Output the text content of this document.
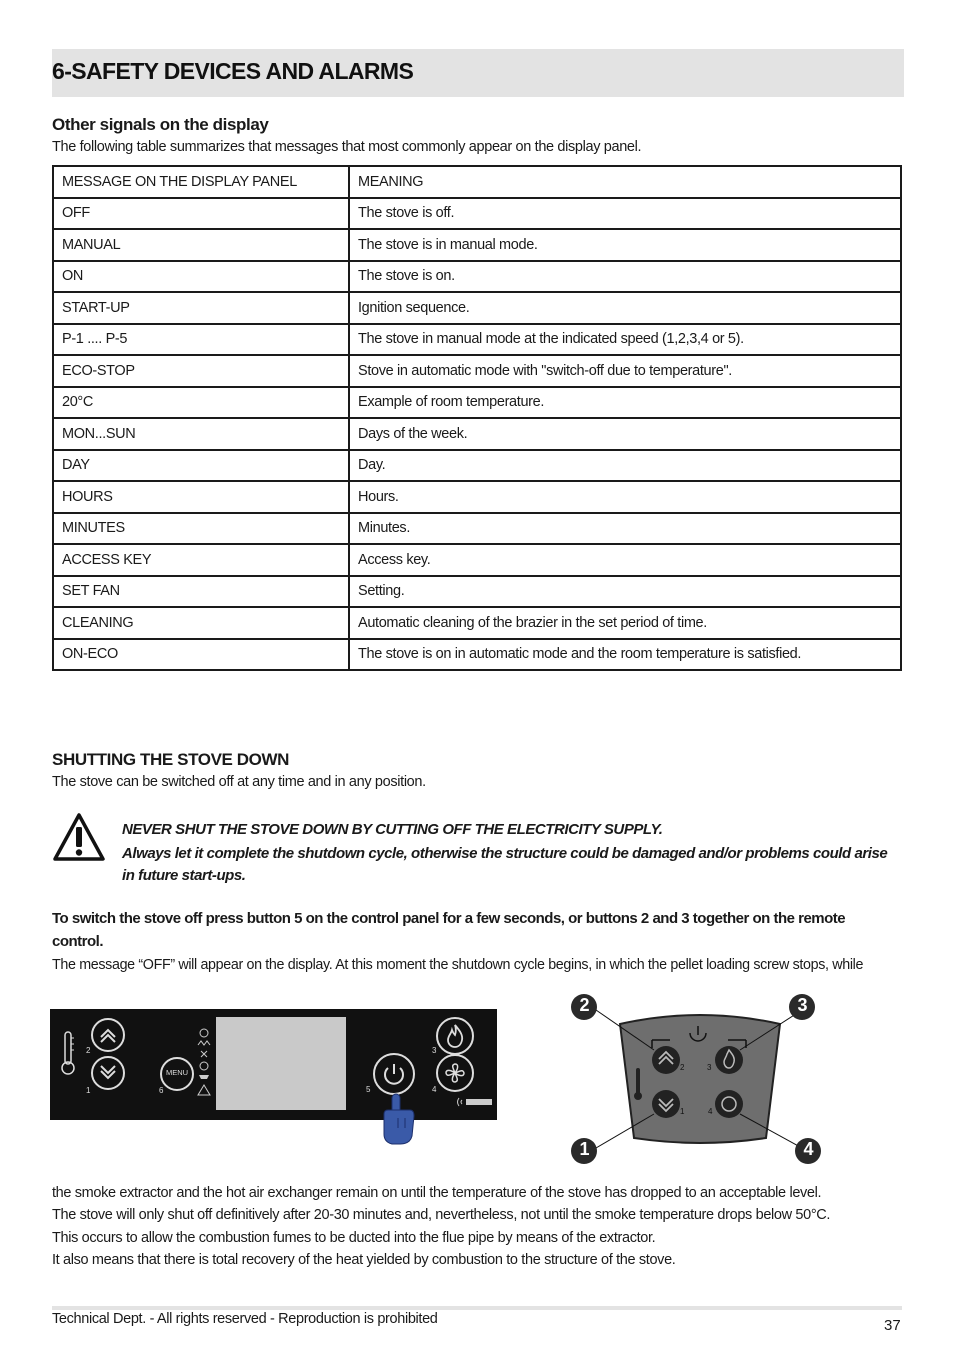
6-SAFETY DEVICES AND ALARMS
Other signals on the display
The following table summarizes that messages that most commonly appear on the display panel.
MESSAGE ON THE DISPLAY PANEL	MEANING
OFF	The stove is off.
MANUAL	The stove is in manual mode.
ON	The stove is on.
START-UP	Ignition sequence.
P-1 .... P-5	The stove in manual mode at the indicated speed (1,2,3,4 or 5).
ECO-STOP	Stove in automatic mode with "switch-off due to temperature".
20°C	Example of room temperature.
MON...SUN	Days of the week.
DAY	Day.
HOURS	Hours.
MINUTES	Minutes.
ACCESS KEY	Access key.
SET FAN	Setting.
CLEANING	Automatic cleaning of the brazier in the set period of time.
ON-ECO	The stove is on in automatic mode and the room temperature is satisfied.
SHUTTING THE STOVE DOWN
The stove can be switched off at any time and in any position.
NEVER SHUT THE STOVE DOWN BY CUTTING OFF THE ELECTRICITY SUPPLY.
Always let it complete the shutdown cycle, otherwise the structure could be damaged and/or problems could arise
in future start-ups.
To switch the stove off press button 5 on the control panel for a few seconds, or buttons 2 and 3 together on the remote
control.
The message “OFF” will appear on the display. At this moment the shutdown cycle begins, in which the pellet loading screw stops, while
2
1
MENU
6	5
3
4
2	3
1	4
2	3
1	4
the smoke extractor and the hot air exchanger remain on until the temperature of the stove has dropped to an acceptable level.
The stove will only shut off definitively after 20-30 minutes and, nevertheless, not until the smoke temperature drops below 50°C.
This occurs to allow the combustion fumes to be ducted into the flue pipe by means of the extractor.
It also means that there is total recovery of the heat yielded by combustion to the structure of the stove.
Technical Dept. - All rights reserved - Reproduction is prohibited	37
